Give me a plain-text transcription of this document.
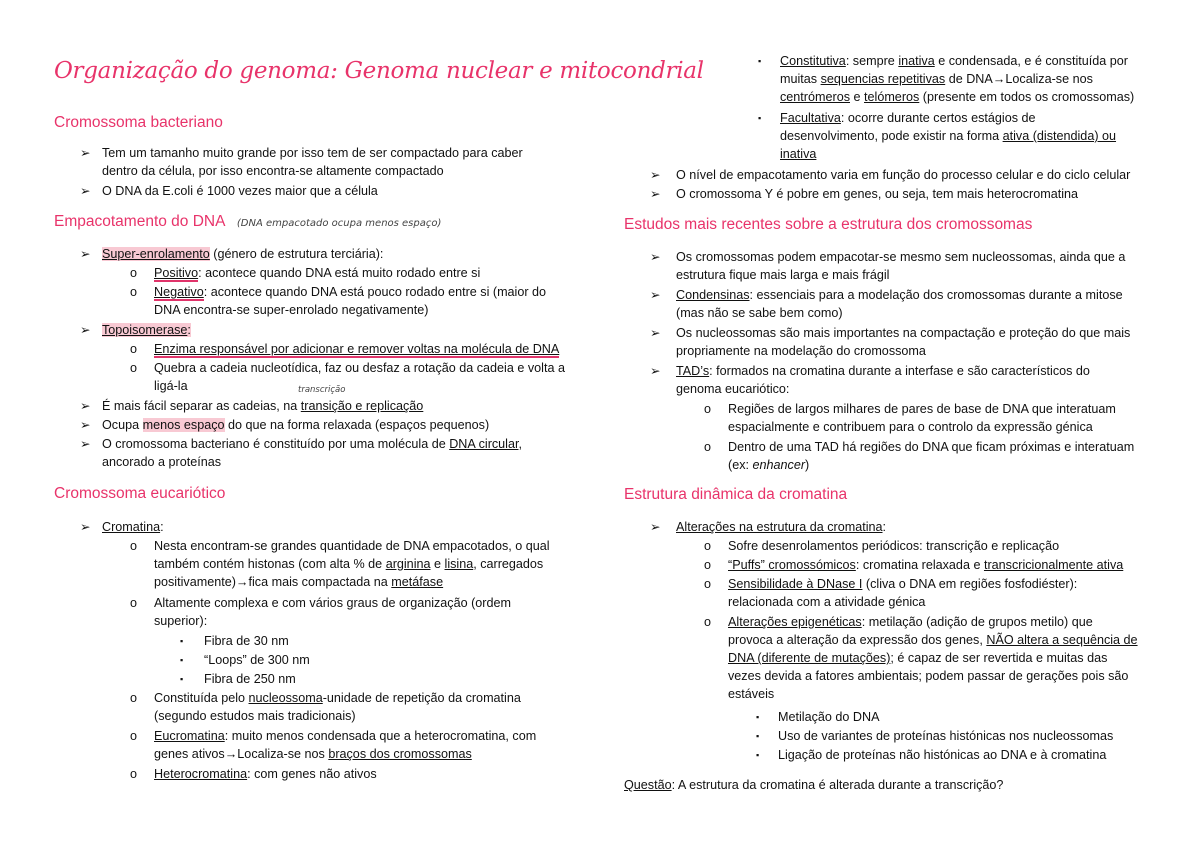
Organização do genoma: Genoma nuclear e mitocondrial
Cromossoma bacteriano
➢ Tem um tamanho muito grande por isso tem de ser compactado para caber
dentro da célula, por isso encontra-se altamente compactado
➢ O DNA da E.coli é 1000 vezes maior que a célula
Empacotamento do DNA (DNA empacotado ocupa menos espaço)
➢ Super-enrolamento (género de estrutura terciária):
o Positivo: acontece quando DNA está muito rodado entre si
o Negativo: acontece quando DNA está pouco rodado entre si (maior do
DNA encontra-se super-enrolado negativamente)
➢ Topoisomerase:
o Enzima responsável por adicionar e remover voltas na molécula de DNA
o Quebra a cadeia nucleotídica, faz ou desfaz a rotação da cadeia e volta a
ligá-la	transcrição
➢ É mais fácil separar as cadeias, na transição e replicação
➢ Ocupa menos espaço do que na forma relaxada (espaços pequenos)
➢ O cromossoma bacteriano é constituído por uma molécula de DNA circular,
ancorado a proteínas
Cromossoma eucariótico
➢ Cromatina:
o Nesta encontram-se grandes quantidade de DNA empacotados, o qual
também contém histonas (com alta % de arginina e lisina, carregados
positivamente)→fica mais compactada na metáfase
o Altamente complexa e com vários graus de organização (ordem
superior):
▪ Fibra de 30 nm
▪ “Loops” de 300 nm
▪ Fibra de 250 nm
o Constituída pelo nucleossoma-unidade de repetição da cromatina
(segundo estudos mais tradicionais)
o Eucromatina: muito menos condensada que a heterocromatina, com
genes ativos→Localiza-se nos braços dos cromossomas
o Heterocromatina: com genes não ativos
▪ Constitutiva: sempre inativa e condensada, e é constituída por
muitas sequencias repetitivas de DNA→Localiza-se nos
centrómeros e telómeros (presente em todos os cromossomas)
▪ Facultativa: ocorre durante certos estágios de
desenvolvimento, pode existir na forma ativa (distendida) ou
inativa
➢ O nível de empacotamento varia em função do processo celular e do ciclo celular
➢ O cromossoma Y é pobre em genes, ou seja, tem mais heterocromatina
Estudos mais recentes sobre a estrutura dos cromossomas
➢ Os cromossomas podem empacotar-se mesmo sem nucleossomas, ainda que a
estrutura fique mais larga e mais frágil
➢ Condensinas: essenciais para a modelação dos cromossomas durante a mitose
(mas não se sabe bem como)
➢ Os nucleossomas são mais importantes na compactação e proteção do que mais
propriamente na modelação do cromossoma
➢ TAD’s: formados na cromatina durante a interfase e são característicos do
genoma eucariótico:
o Regiões de largos milhares de pares de base de DNA que interatuam
espacialmente e contribuem para o controlo da expressão génica
o Dentro de uma TAD há regiões do DNA que ficam próximas e interatuam
(ex: enhancer)
Estrutura dinâmica da cromatina
➢ Alterações na estrutura da cromatina:
o Sofre desenrolamentos periódicos: transcrição e replicação
o “Puffs” cromossómicos: cromatina relaxada e transcricionalmente ativa
o Sensibilidade à DNase I (cliva o DNA em regiões fosfodiéster):
relacionada com a atividade génica
o Alterações epigenéticas: metilação (adição de grupos metilo) que
provoca a alteração da expressão dos genes, NÃO altera a sequência de
DNA (diferente de mutações); é capaz de ser revertida e muitas das
vezes devida a fatores ambientais; podem passar de gerações pois são
estáveis
▪ Metilação do DNA
▪ Uso de variantes de proteínas histónicas nos nucleossomas
▪ Ligação de proteínas não histónicas ao DNA e à cromatina
Questão: A estrutura da cromatina é alterada durante a transcrição?
